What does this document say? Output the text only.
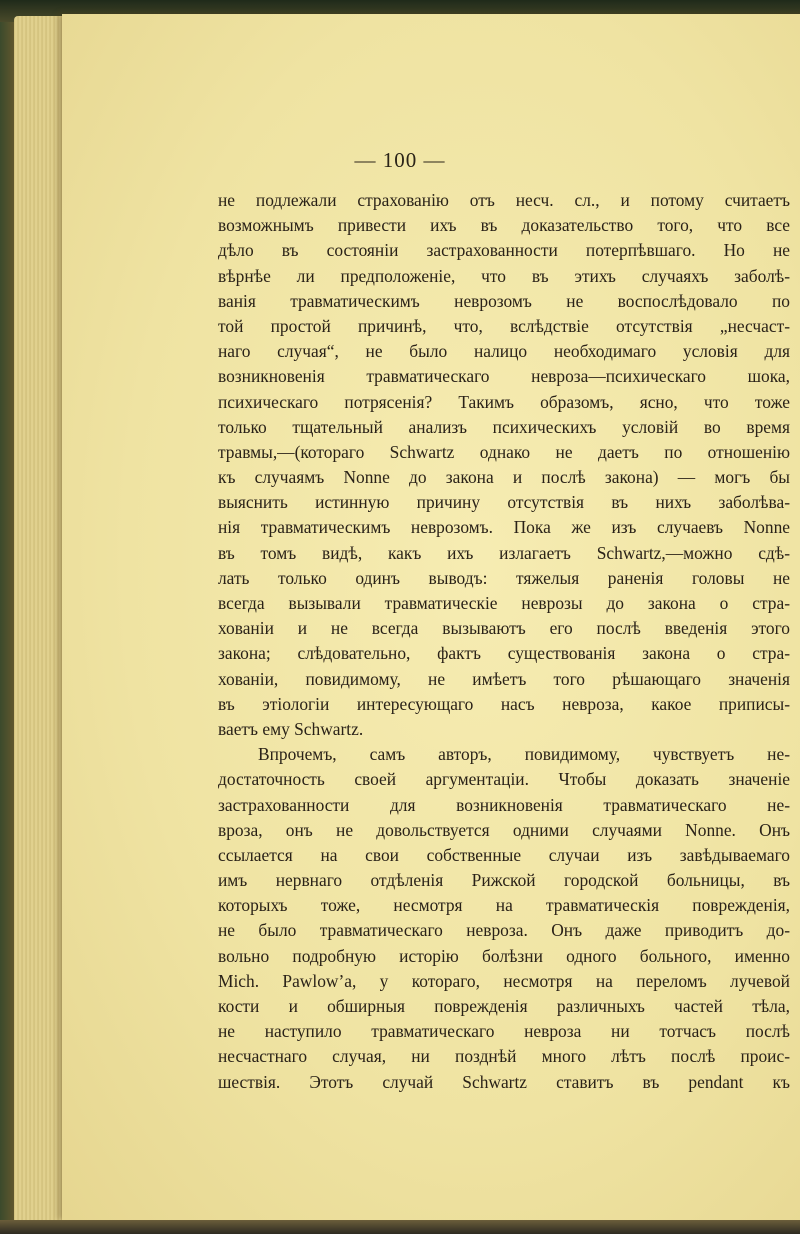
— 100 —
не подлежали страхованію отъ несч. сл., и потому считаетъ
возможнымъ привести ихъ въ доказательство того, что все
дѣло въ состояніи застрахованности потерпѣвшаго. Но не
вѣрнѣе ли предположеніе, что въ этихъ случаяхъ заболѣ-
ванія травматическимъ неврозомъ не воспослѣдовало по
той простой причинѣ, что, вслѣдствіе отсутствія „несчаст-
наго случая“, не было налицо необходимаго условія для
возникновенія травматическаго невроза—психическаго шока,
психическаго потрясенія? Такимъ образомъ, ясно, что тоже
только тщательный анализъ психическихъ условій во время
травмы,—(котораго Schwartz однако не даетъ по отношенію
къ случаямъ Nonne до закона и послѣ закона) — могъ бы
выяснить истинную причину отсутствія въ нихъ заболѣва-
нія травматическимъ неврозомъ. Пока же изъ случаевъ Nonne
въ томъ видѣ, какъ ихъ излагаетъ Schwartz,—можно сдѣ-
лать только одинъ выводъ: тяжелыя раненія головы не
всегда вызывали травматическіе неврозы до закона о стра-
хованіи и не всегда вызываютъ его послѣ введенія этого
закона; слѣдовательно, фактъ существованія закона о стра-
хованіи, повидимому, не имѣетъ того рѣшающаго значенія
въ этіологіи интересующаго насъ невроза, какое приписы-
ваетъ ему Schwartz.
Впрочемъ, самъ авторъ, повидимому, чувствуетъ не-
достаточность своей аргументаціи. Чтобы доказать значеніе
застрахованности для возникновенія травматическаго не-
вроза, онъ не довольствуется одними случаями Nonne. Онъ
ссылается на свои собственные случаи изъ завѣдываемаго
имъ нервнаго отдѣленія Рижской городской больницы, въ
которыхъ тоже, несмотря на травматическія поврежденія,
не было травматическаго невроза. Онъ даже приводитъ до-
вольно подробную исторію болѣзни одного больного, именно
Mich. Pawlow’а, у котораго, несмотря на переломъ лучевой
кости и обширныя поврежденія различныхъ частей тѣла,
не наступило травматическаго невроза ни тотчасъ послѣ
несчастнаго случая, ни позднѣй много лѣтъ послѣ проис-
шествія. Этотъ случай Schwartz ставитъ въ pendant къ
